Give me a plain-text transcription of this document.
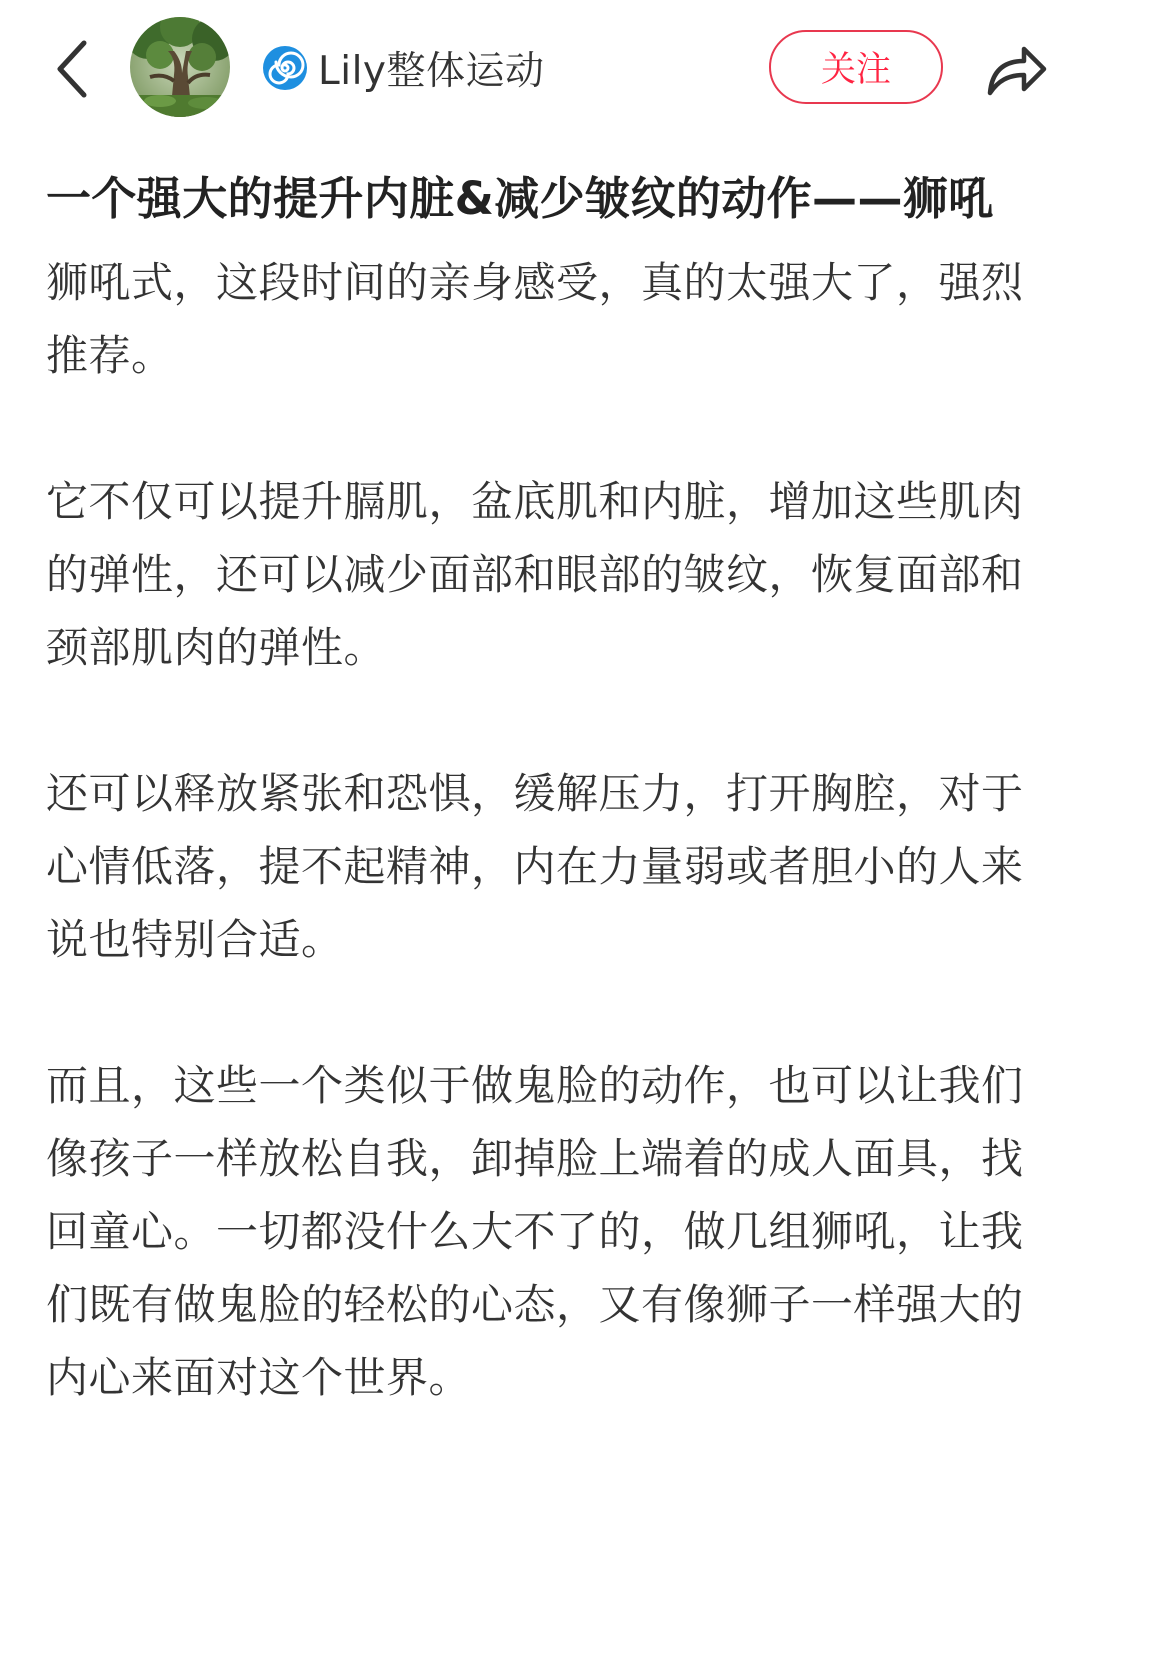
Lily整体运动	关注
一个强大的提升内脏&减少皱纹的动作——狮吼

狮吼式，这段时间的亲身感受，真的太强大了，强烈推荐。

它不仅可以提升膈肌，盆底肌和内脏，增加这些肌肉的弹性，还可以减少面部和眼部的皱纹，恢复面部和颈部肌肉的弹性。

还可以释放紧张和恐惧，缓解压力，打开胸腔，对于心情低落，提不起精神，内在力量弱或者胆小的人来说也特别合适。

而且，这些一个类似于做鬼脸的动作，也可以让我们像孩子一样放松自我，卸掉脸上端着的成人面具，找回童心。一切都没什么大不了的，做几组狮吼，让我们既有做鬼脸的轻松的心态，又有像狮子一样强大的内心来面对这个世界。
